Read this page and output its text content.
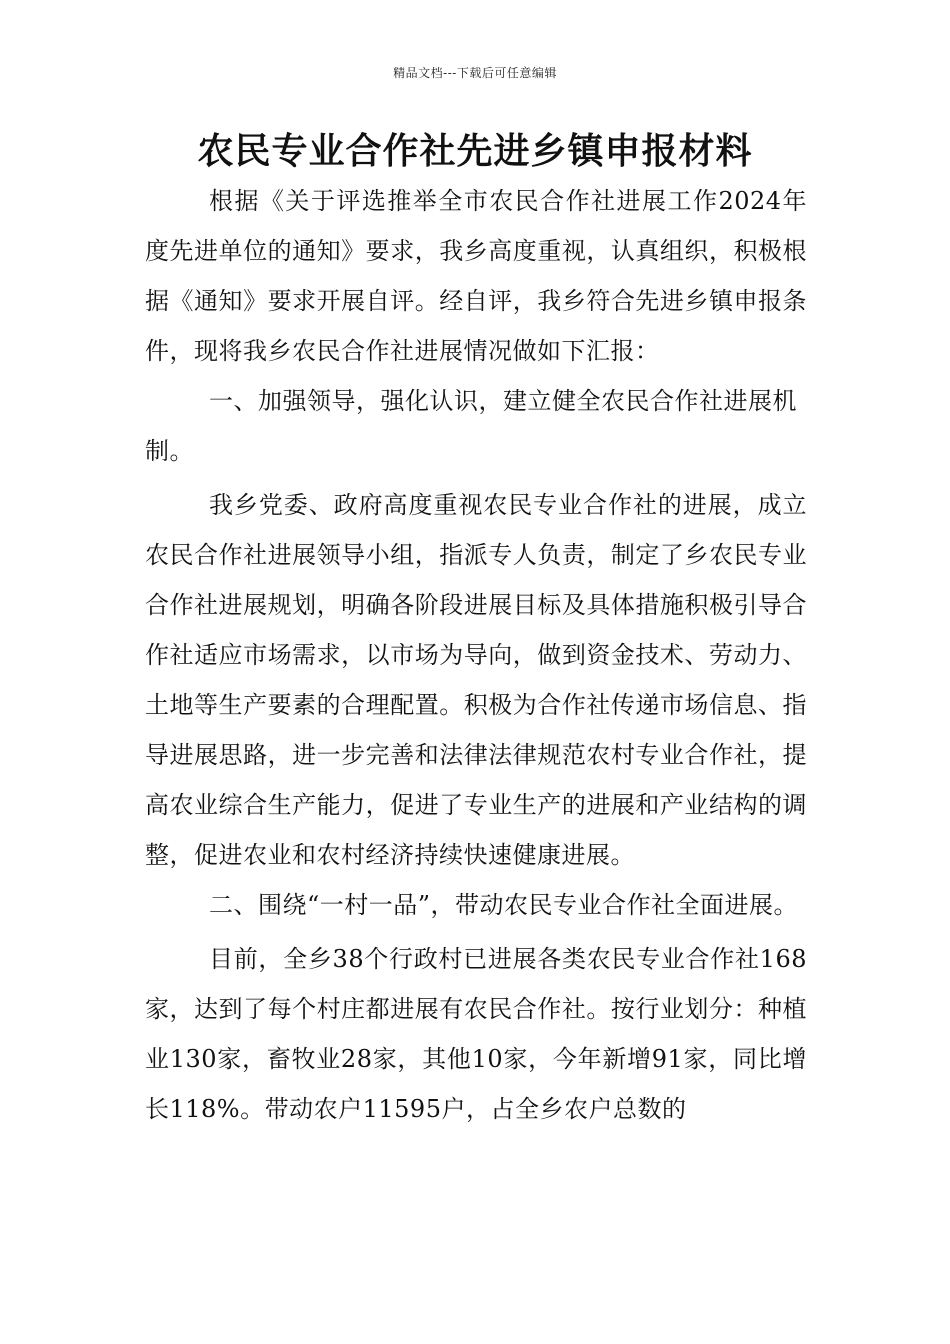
精品文档---下载后可任意编辑
农民专业合作社先进乡镇申报材料

根据《关于评选推举全市农民合作社进展工作2024年度先进单位的通知》要求，我乡高度重视，认真组织，积极根据《通知》要求开展自评。经自评，我乡符合先进乡镇申报条件，现将我乡农民合作社进展情况做如下汇报：

一、加强领导，强化认识，建立健全农民合作社进展机制。

我乡党委、政府高度重视农民专业合作社的进展，成立农民合作社进展领导小组，指派专人负责，制定了乡农民专业合作社进展规划，明确各阶段进展目标及具体措施积极引导合作社适应市场需求，以市场为导向，做到资金技术、劳动力、土地等生产要素的合理配置。积极为合作社传递市场信息、指导进展思路，进一步完善和法律法律规范农村专业合作社，提高农业综合生产能力，促进了专业生产的进展和产业结构的调整，促进农业和农村经济持续快速健康进展。

二、围绕“一村一品”，带动农民专业合作社全面进展。

目前，全乡38个行政村已进展各类农民专业合作社168家，达到了每个村庄都进展有农民合作社。按行业划分：种植业130家，畜牧业28家，其他10家，今年新增91家，同比增长118%。带动农户11595户，占全乡农户总数的
